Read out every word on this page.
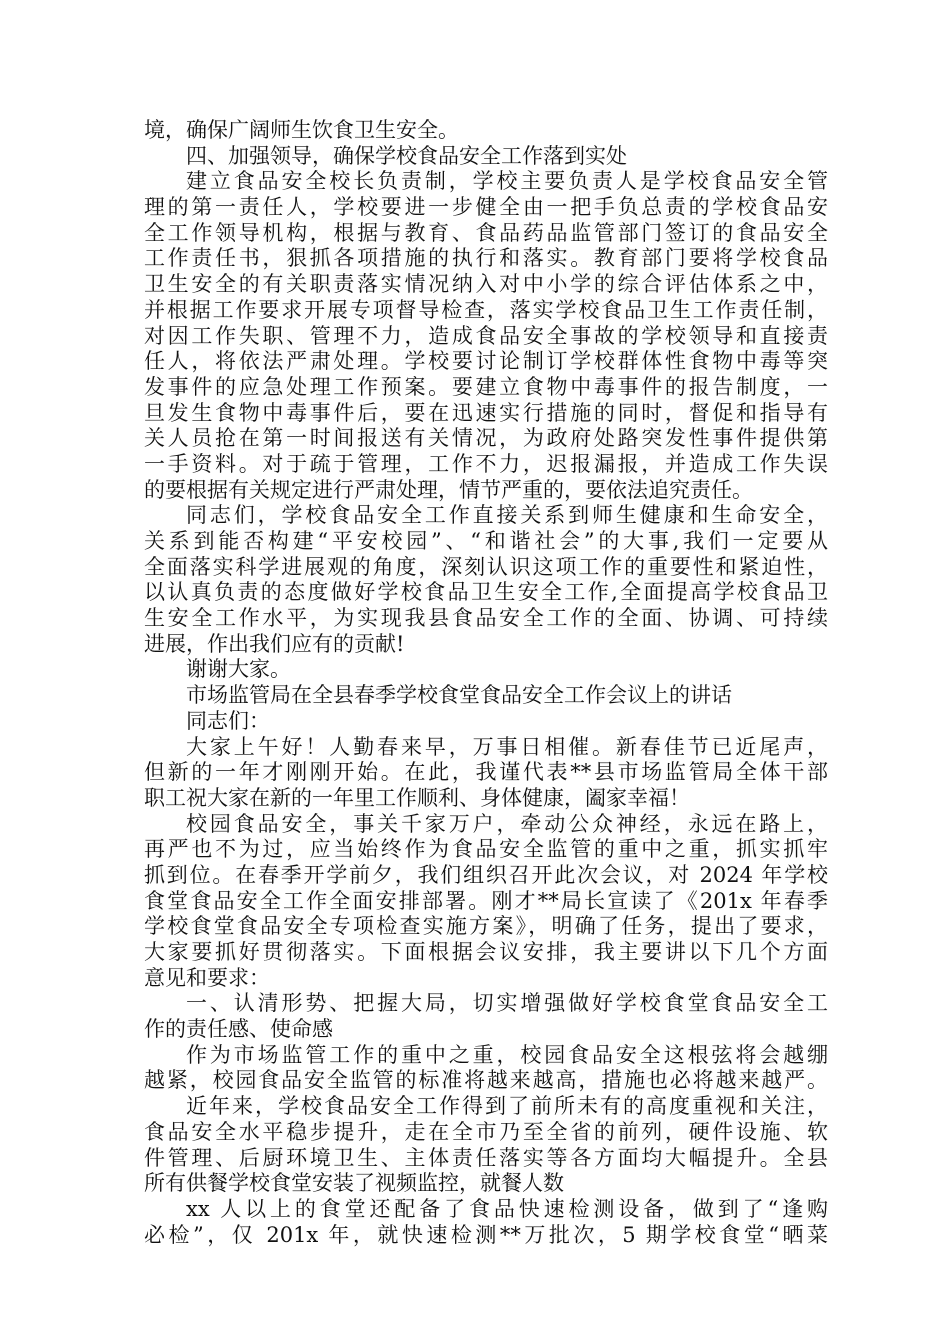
境，确保广阔师生饮食卫生安全。
四、加强领导，确保学校食品安全工作落到实处
建立食品安全校长负责制，学校主要负责人是学校食品安全管
理的第一责任人，学校要进一步健全由一把手负总责的学校食品安
全工作领导机构，根据与教育、食品药品监管部门签订的食品安全
工作责任书，狠抓各项措施的执行和落实。教育部门要将学校食品
卫生安全的有关职责落实情况纳入对中小学的综合评估体系之中，
并根据工作要求开展专项督导检查，落实学校食品卫生工作责任制，
对因工作失职、管理不力，造成食品安全事故的学校领导和直接责
任人，将依法严肃处理。学校要讨论制订学校群体性食物中毒等突
发事件的应急处理工作预案。要建立食物中毒事件的报告制度，一
旦发生食物中毒事件后，要在迅速实行措施的同时，督促和指导有
关人员抢在第一时间报送有关情况，为政府处路突发性事件提供第
一手资料。对于疏于管理，工作不力，迟报漏报，并造成工作失误
的要根据有关规定进行严肃处理，情节严重的，要依法追究责任。
同志们，学校食品安全工作直接关系到师生健康和生命安全，
关系到能否构建“平安校园”、“和谐社会”的大事,我们一定要从
全面落实科学进展观的角度，深刻认识这项工作的重要性和紧迫性，
以认真负责的态度做好学校食品卫生安全工作,全面提高学校食品卫
生安全工作水平，为实现我县食品安全工作的全面、协调、可持续
进展，作出我们应有的贡献!
谢谢大家。
市场监管局在全县春季学校食堂食品安全工作会议上的讲话
同志们：
大家上午好！人勤春来早，万事日相催。新春佳节已近尾声，
但新的一年才刚刚开始。在此，我谨代表**县市场监管局全体干部
职工祝大家在新的一年里工作顺利、身体健康，阖家幸福！
校园食品安全，事关千家万户，牵动公众神经，永远在路上，
再严也不为过，应当始终作为食品安全监管的重中之重，抓实抓牢
抓到位。在春季开学前夕，我们组织召开此次会议，对 2024 年学校
食堂食品安全工作全面安排部署。刚才**局长宣读了《201x 年春季
学校食堂食品安全专项检查实施方案》，明确了任务，提出了要求，
大家要抓好贯彻落实。下面根据会议安排，我主要讲以下几个方面
意见和要求：
一、认清形势、把握大局，切实增强做好学校食堂食品安全工
作的责任感、使命感
作为市场监管工作的重中之重，校园食品安全这根弦将会越绷
越紧，校园食品安全监管的标准将越来越高，措施也必将越来越严。
近年来，学校食品安全工作得到了前所未有的高度重视和关注，
食品安全水平稳步提升，走在全市乃至全省的前列，硬件设施、软
件管理、后厨环境卫生、主体责任落实等各方面均大幅提升。全县
所有供餐学校食堂安装了视频监控，就餐人数
xx 人以上的食堂还配备了食品快速检测设备，做到了“逢购
必检”，仅 201x 年，就快速检测**万批次，5 期学校食堂“晒菜
